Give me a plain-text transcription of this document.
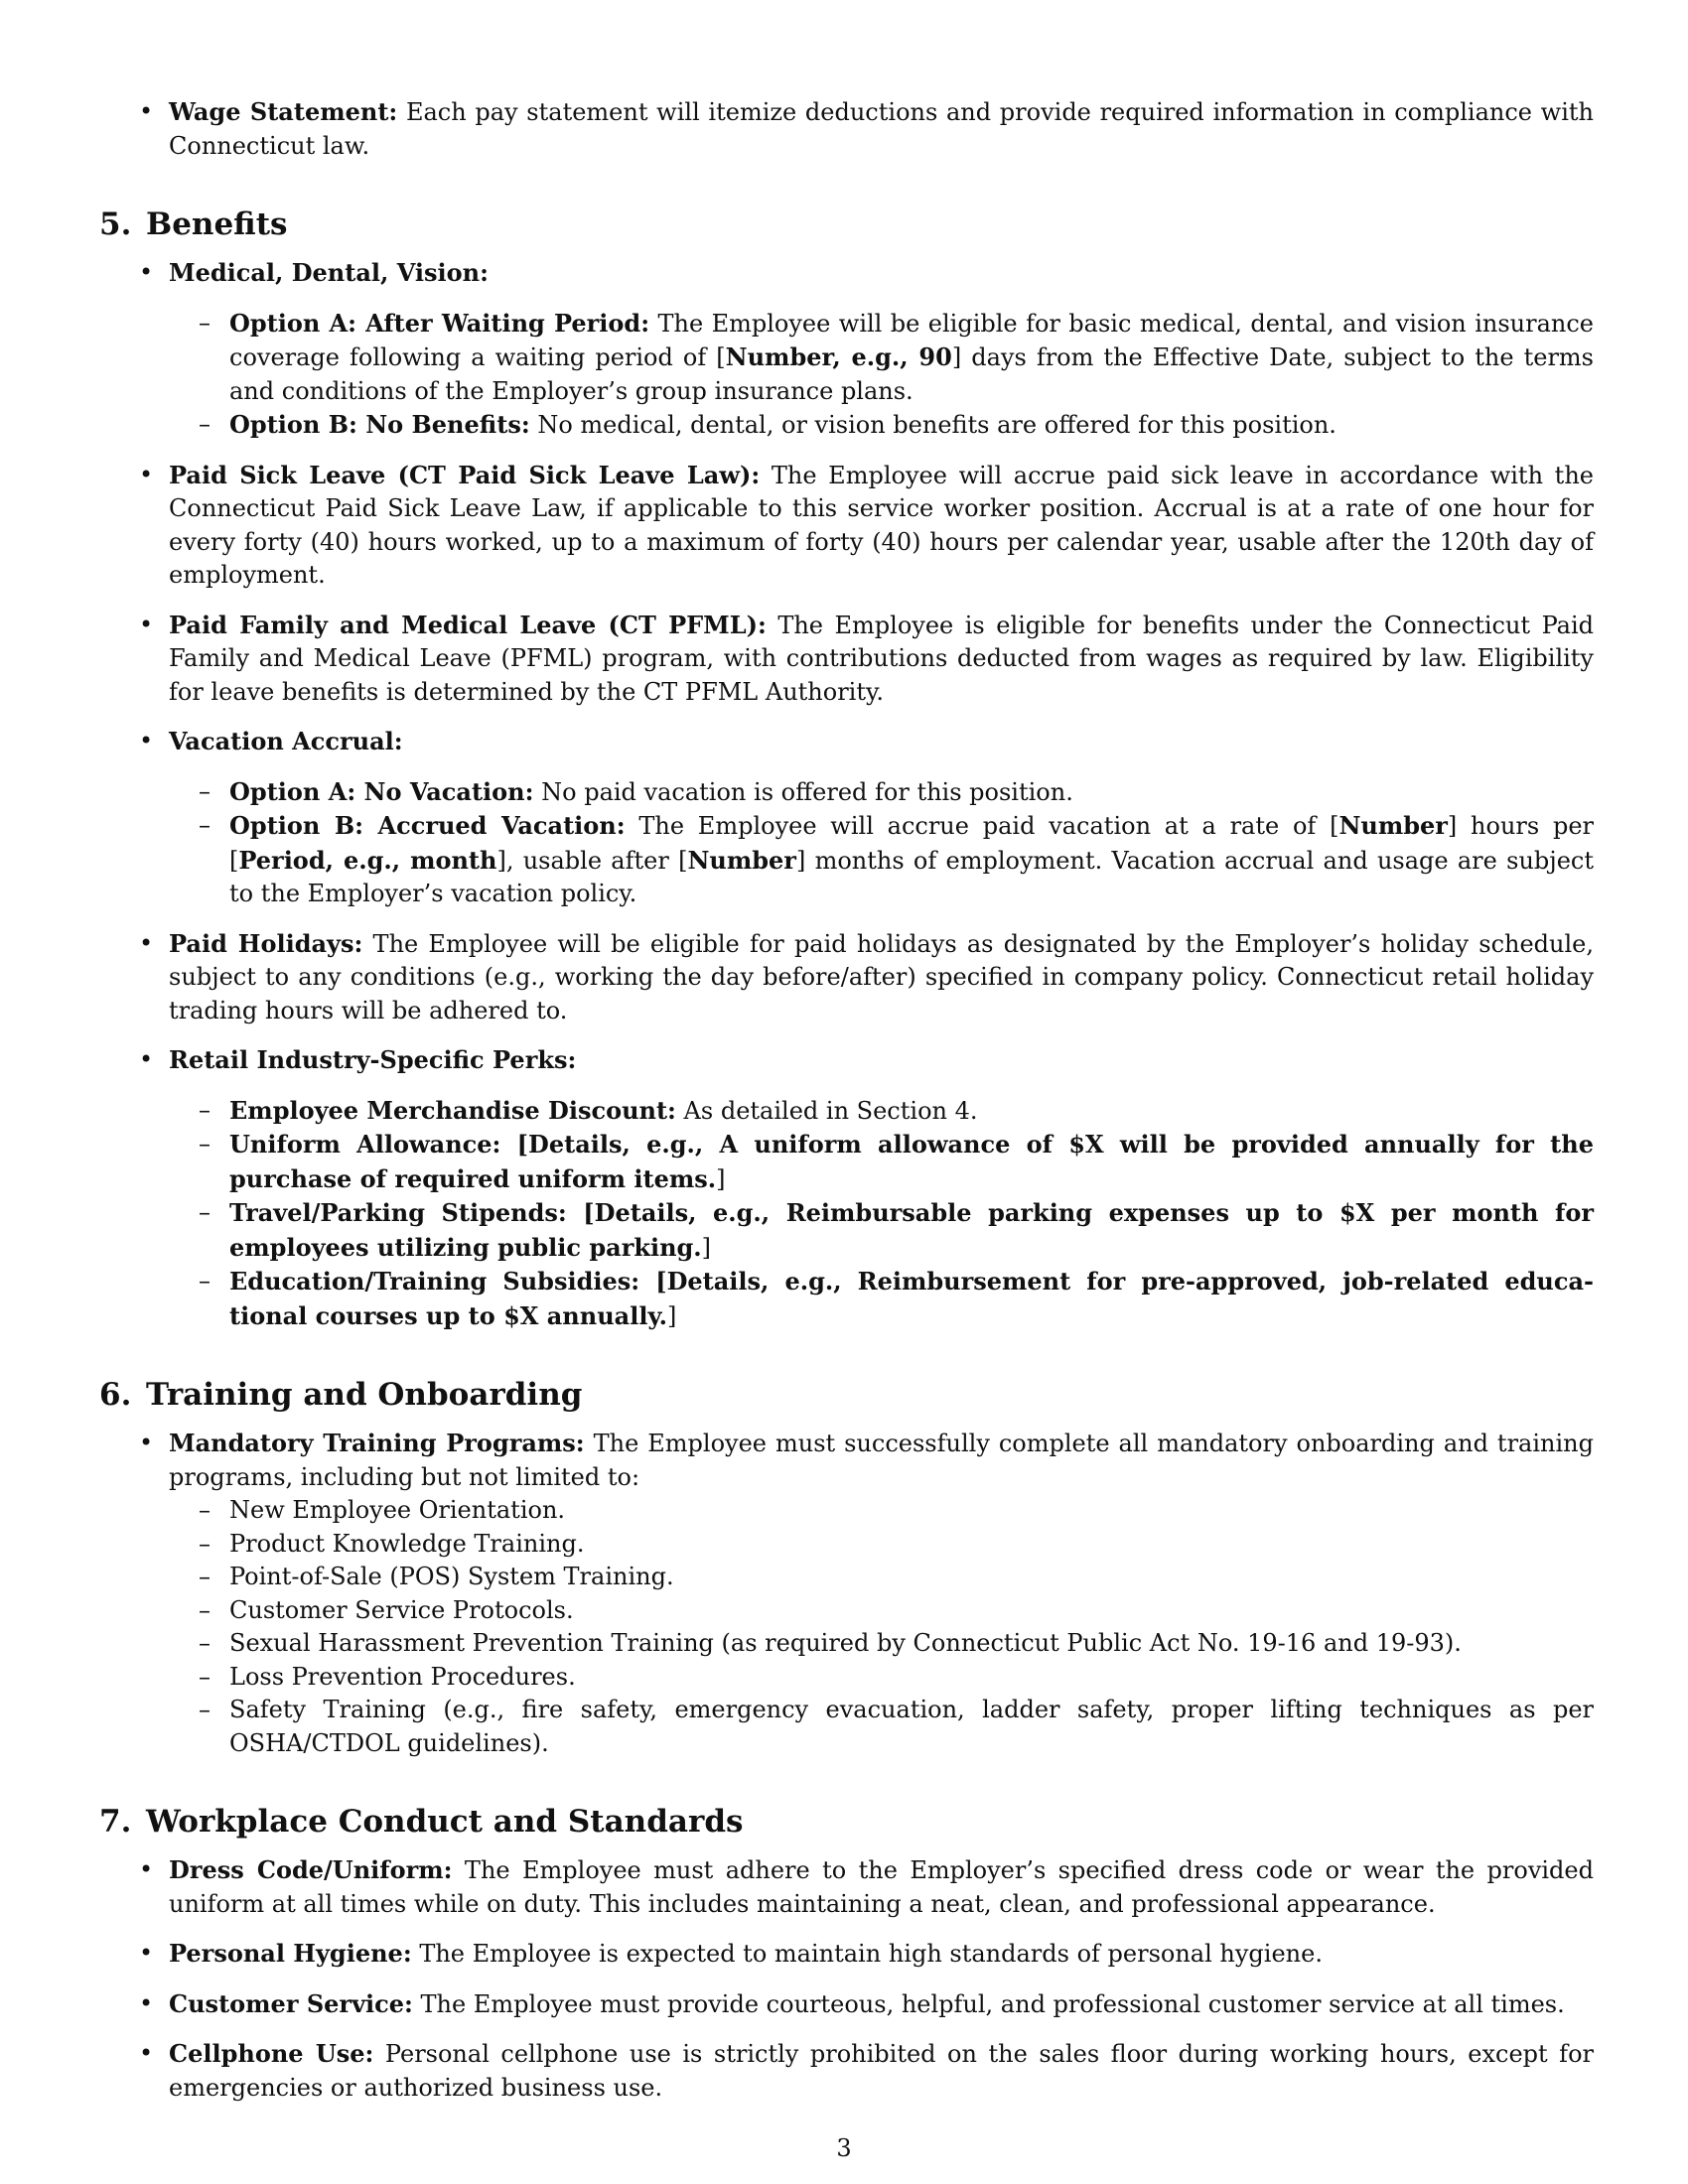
• Wage Statement: Each pay statement will itemize deductions and provide required information in compliance with Connecticut law.
5. Benefits
• Medical, Dental, Vision:
– Option A: After Waiting Period: The Employee will be eligible for basic medical, dental, and vision insurance coverage following a waiting period of [Number, e.g., 90] days from the Effective Date, subject to the terms and conditions of the Employer’s group insurance plans.
– Option B: No Benefits: No medical, dental, or vision benefits are offered for this position.
• Paid Sick Leave (CT Paid Sick Leave Law): The Employee will accrue paid sick leave in accordance with the Connecticut Paid Sick Leave Law, if applicable to this service worker position. Accrual is at a rate of one hour for every forty (40) hours worked, up to a maximum of forty (40) hours per calendar year, usable after the 120th day of employment.
• Paid Family and Medical Leave (CT PFML): The Employee is eligible for benefits under the Connecticut Paid Family and Medical Leave (PFML) program, with contributions deducted from wages as required by law. Eligibility for leave benefits is determined by the CT PFML Authority.
• Vacation Accrual:
– Option A: No Vacation: No paid vacation is offered for this position.
– Option B: Accrued Vacation: The Employee will accrue paid vacation at a rate of [Number] hours per [Period, e.g., month], usable after [Number] months of employment. Vacation accrual and usage are subject to the Employer’s vacation policy.
• Paid Holidays: The Employee will be eligible for paid holidays as designated by the Employer’s holiday schedule, subject to any conditions (e.g., working the day before/after) specified in company policy. Connecticut retail holiday trading hours will be adhered to.
• Retail Industry-Specific Perks:
– Employee Merchandise Discount: As detailed in Section 4.
– Uniform Allowance: [Details, e.g., A uniform allowance of $X will be provided annually for the purchase of required uniform items.]
– Travel/Parking Stipends: [Details, e.g., Reimbursable parking expenses up to $X per month for employees utilizing public parking.]
– Education/Training Subsidies: [Details, e.g., Reimbursement for pre-approved, job-related educa-tional courses up to $X annually.]
6. Training and Onboarding
• Mandatory Training Programs: The Employee must successfully complete all mandatory onboarding and training programs, including but not limited to:
– New Employee Orientation.
– Product Knowledge Training.
– Point-of-Sale (POS) System Training.
– Customer Service Protocols.
– Sexual Harassment Prevention Training (as required by Connecticut Public Act No. 19-16 and 19-93).
– Loss Prevention Procedures.
– Safety Training (e.g., fire safety, emergency evacuation, ladder safety, proper lifting techniques as per OSHA/CTDOL guidelines).
7. Workplace Conduct and Standards
• Dress Code/Uniform: The Employee must adhere to the Employer’s specified dress code or wear the provided uniform at all times while on duty. This includes maintaining a neat, clean, and professional appearance.
• Personal Hygiene: The Employee is expected to maintain high standards of personal hygiene.
• Customer Service: The Employee must provide courteous, helpful, and professional customer service at all times.
• Cellphone Use: Personal cellphone use is strictly prohibited on the sales floor during working hours, except for emergencies or authorized business use.
3
